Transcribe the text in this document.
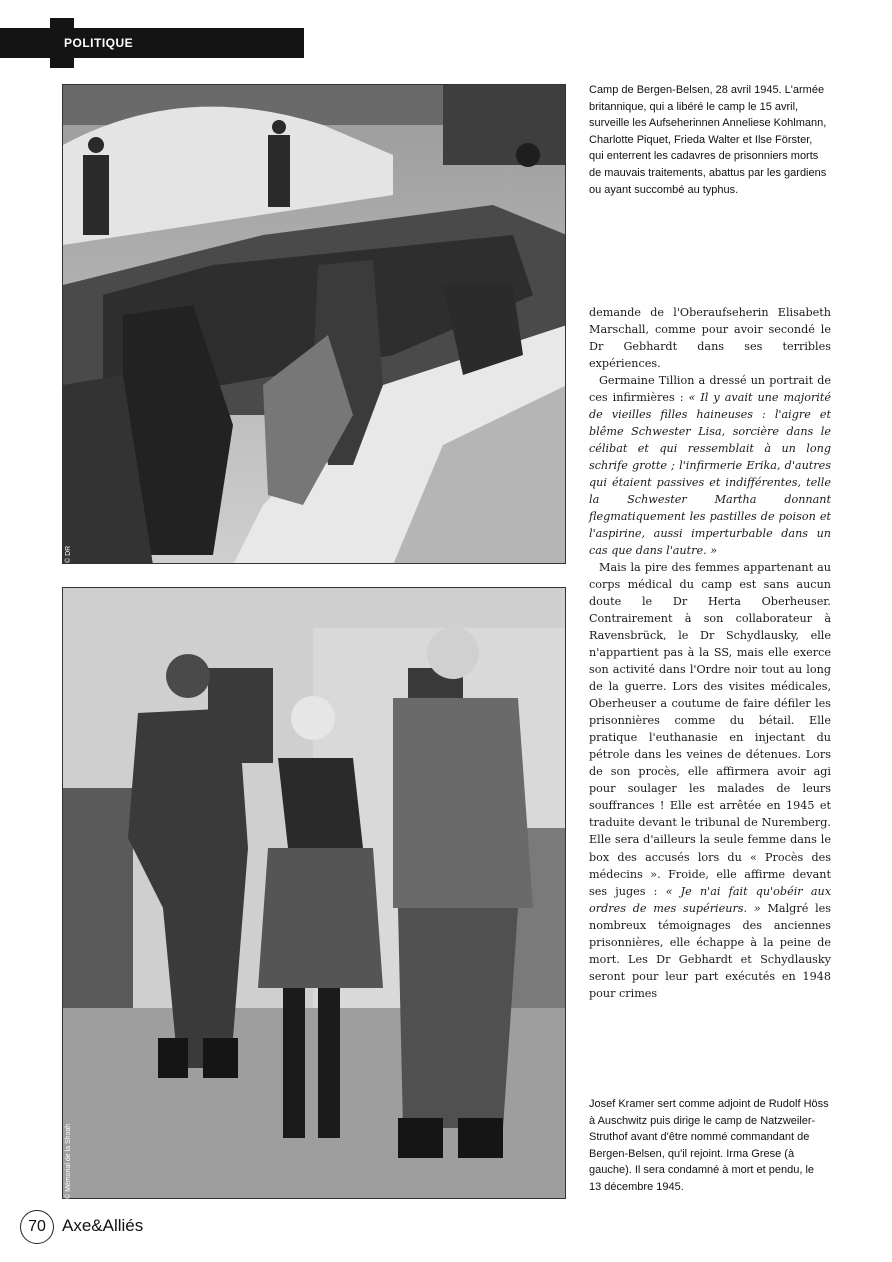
POLITIQUE
© DR
© Mémorial de la Shoah
Camp de Bergen-Belsen, 28 avril 1945. L'armée britannique, qui a libéré le camp le 15 avril, surveille les Aufseherinnen Anneliese Kohlmann, Charlotte Piquet, Frieda Walter et Ilse Förster, qui enterrent les cadavres de prisonniers morts de mauvais traitements, abattus par les gardiens ou ayant succombé au typhus.
Josef Kramer sert comme adjoint de Rudolf Höss à Auschwitz puis dirige le camp de Natzweiler-Struthof avant d'être nommé commandant de Bergen-Belsen, qu'il rejoint. Irma Grese (à gauche). Il sera condamné à mort et pendu, le 13 décembre 1945.

demande de l'Oberaufseherin Elisabeth Marschall, comme pour avoir secondé le Dr Gebhardt dans ses terribles expériences.

Germaine Tillion a dressé un portrait de ces infirmières : « Il y avait une majorité de vieilles filles haineuses : l'aigre et blême Schwester Lisa, sorcière dans le célibat et qui ressemblait à un long schrife grotte ; l'infirmerie Erika, d'autres qui étaient passives et indifférentes, telle la Schwester Martha donnant flegmatiquement les pastilles de poison et l'aspirine, aussi imperturbable dans un cas que dans l'autre. »

Mais la pire des femmes appartenant au corps médical du camp est sans aucun doute le Dr Herta Oberheuser. Contrairement à son collaborateur à Ravensbrück, le Dr Schydlausky, elle n'appartient pas à la SS, mais elle exerce son activité dans l'Ordre noir tout au long de la guerre. Lors des visites médicales, Oberheuser a coutume de faire défiler les prisonnières comme du bétail. Elle pratique l'euthanasie en injectant du pétrole dans les veines de détenues. Lors de son procès, elle affirmera avoir agi pour soulager les malades de leurs souffrances ! Elle est arrêtée en 1945 et traduite devant le tribunal de Nuremberg. Elle sera d'ailleurs la seule femme dans le box des accusés lors du « Procès des médecins ». Froide, elle affirme devant ses juges : « Je n'ai fait qu'obéir aux ordres de mes supérieurs. » Malgré les nombreux témoignages des anciennes prisonnières, elle échappe à la peine de mort. Les Dr Gebhardt et Schydlausky seront pour leur part exécutés en 1948 pour crimes

70 Axe&Alliés
